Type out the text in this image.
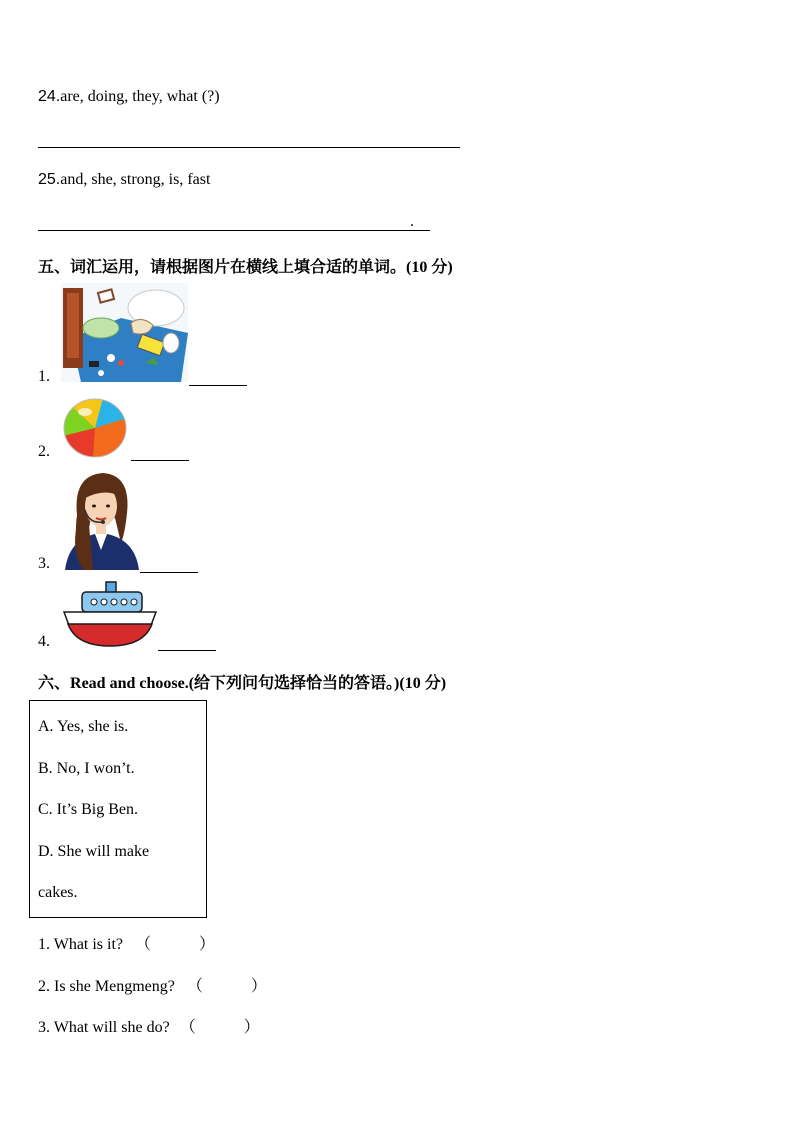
24.are, doing, they, what (?)
25.and, she, strong, is, fast
.
五、词汇运用，请根据图片在横线上填合适的单词。(10 分)
1.
2.
3.
4.
六、Read and choose.(给下列问句选择恰当的答语。)(10 分)
A. Yes, she is.
B. No, I won’t.
C. It’s Big Ben.
D. She will make
cakes.
1. What is it? （　　　）
2. Is she Mengmeng? （　　　）
3. What will she do? （　　　）
